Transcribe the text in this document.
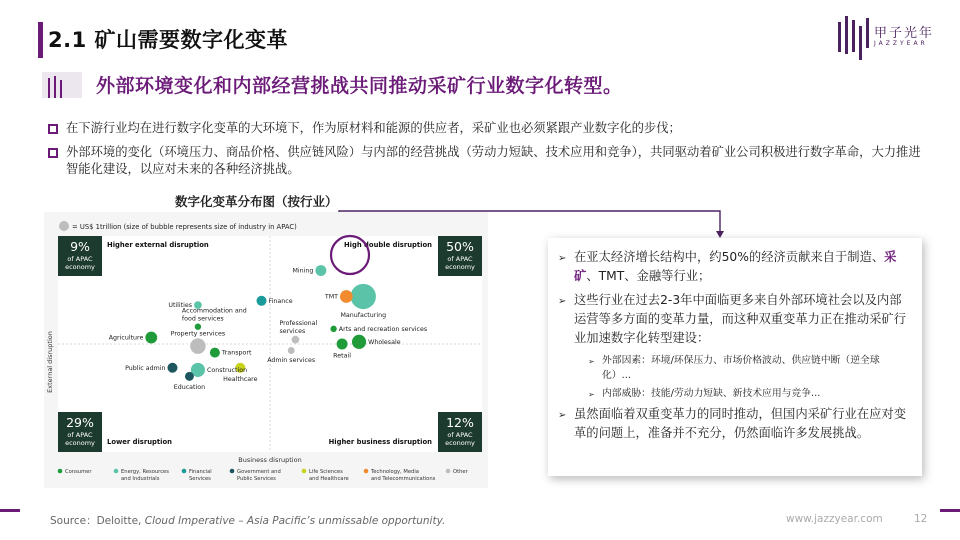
2.1 矿山需要数字化变革	甲子光年
JAZZYEAR
外部环境变化和内部经营挑战共同推动采矿行业数字化转型。
在下游行业均在进行数字化变革的大环境下，作为原材料和能源的供应者，采矿业也必须紧跟产业数字化的步伐；
外部环境的变化（环境压力、商品价格、供应链风险）与内部的经营挑战（劳动力短缺、技术应用和竞争），共同驱动着矿业公司积极进行数字革命，大力推进智能化建设，以应对未来的各种经济挑战。
数字化变革分布图（按行业）
= US$ 1trillion (size of bubble represents size of industry in APAC)
Higher external disruption	High double disruption
Lower disruption	Higher business disruption
External disruption
Business disruption
Mining
Manufacturing
TMT
Finance
Utilities
Accommodation and food services
Arts and recreation services
Wholesale
Retail
Professional services
Admin services
Agriculture
Property services
Transport
Healthcare
Public admin	Construction
Education
Consumer	Energy, Resources and Industrials
Financial Services
Government and Public Services
Life Sciences and Healthcare
Technology, Media and Telecommunications
Other
9%
of APAC economy
50%
of APAC economy
29%
of APAC economy
12%
of APAC economy
➢ 在亚太经济增长结构中，约50%的经济贡献来自于制造、采矿、TMT、金融等行业；
➢ 这些行业在过去2-3年中面临更多来自外部环境社会以及内部运营等多方面的变革力量，而这种双重变革力正在推动采矿行业加速数字化转型建设：
➢ 外部因素：环境/环保压力、市场价格波动、供应链中断（逆全球化）...
➢ 内部威胁：技能/劳动力短缺、新技术应用与竞争...
➢ 虽然面临着双重变革力的同时推动，但国内采矿行业在应对变革的问题上，准备并不充分，仍然面临许多发展挑战。
Source：Deloitte, Cloud Imperative – Asia Pacific’s unmissable opportunity.	www.jazzyear.com	12
